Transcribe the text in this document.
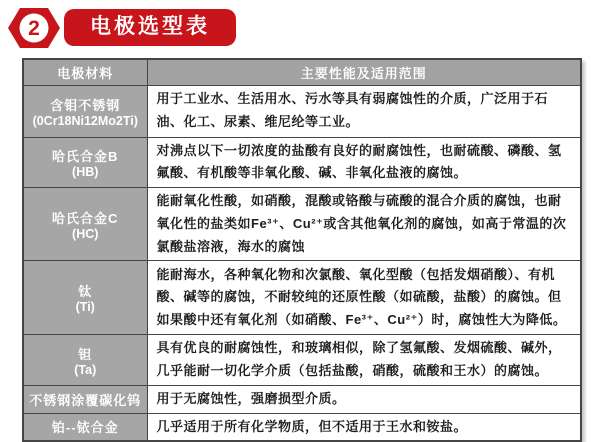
2	电极选型表
电极材料	主要性能及适用范围
含钼不锈钢
(0Cr18Ni12Mo2Ti)	用于工业水、生活用水、污水等具有弱腐蚀性的介质，广泛用于石油、化工、尿素、维尼纶等工业。
哈氏合金B
(HB)	对沸点以下一切浓度的盐酸有良好的耐腐蚀性，也耐硫酸、磷酸、氢氟酸、有机酸等非氧化酸、碱、非氧化盐液的腐蚀。
哈氏合金C
(HC)	能耐氧化性酸，如硝酸，混酸或铬酸与硫酸的混合介质的腐蚀，也耐氧化性的盐类如Fe³⁺、Cu²⁺或含其他氧化剂的腐蚀，如高于常温的次氯酸盐溶液，海水的腐蚀
钛
(Ti)	能耐海水，各种氧化物和次氯酸、氧化型酸（包括发烟硝酸）、有机酸、碱等的腐蚀，不耐较纯的还原性酸（如硫酸，盐酸）的腐蚀。但如果酸中还有氧化剂（如硝酸、Fe³⁺、Cu²⁺）时，腐蚀性大为降低。
钽
(Ta)	具有优良的耐腐蚀性，和玻璃相似，除了氢氟酸、发烟硫酸、碱外，几乎能耐一切化学介质（包括盐酸，硝酸，硫酸和王水）的腐蚀。
不锈钢涂覆碳化钨	用于无腐蚀性，强磨损型介质。
铂--铱合金	几乎适用于所有化学物质，但不适用于王水和铵盐。
